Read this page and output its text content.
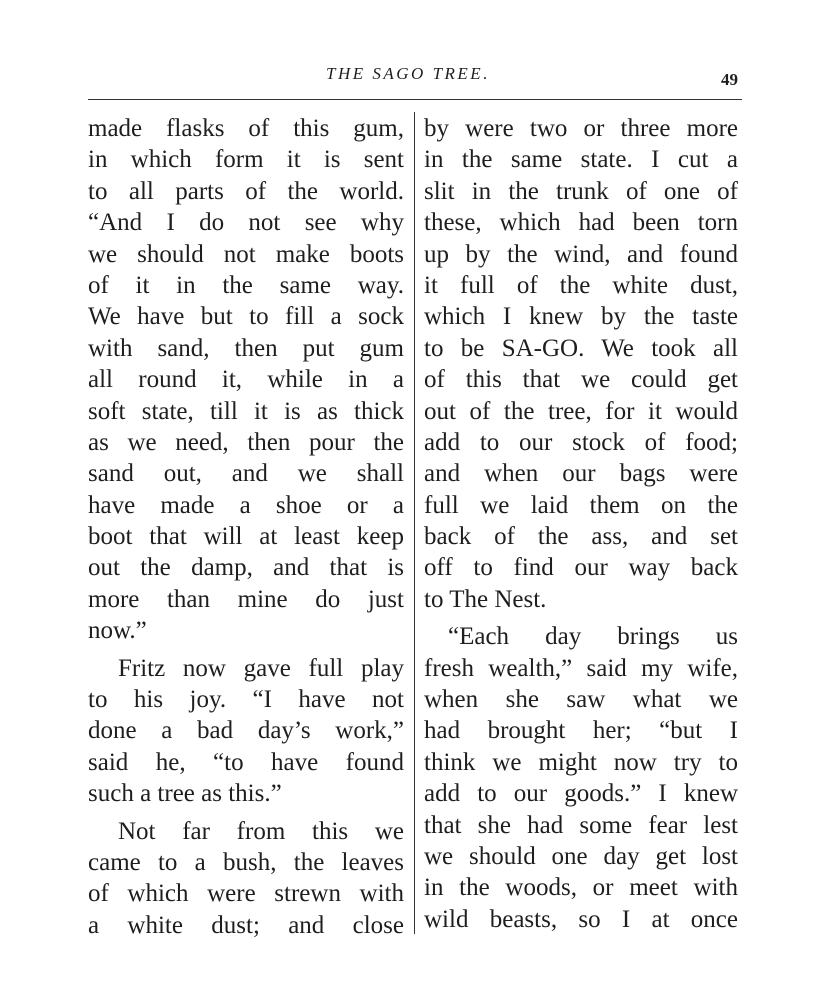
THE SAGO TREE.	49
made flasks of this gum,
in which form it is sent
to all parts of the world.
“And I do not see why
we should not make boots
of it in the same way.
We have but to fill a sock
with sand, then put gum
all round it, while in a
soft state, till it is as thick
as we need, then pour the
sand out, and we shall
have made a shoe or a
boot that will at least keep
out the damp, and that is
more than mine do just
now.”
Fritz now gave full play
to his joy. “I have not
done a bad day’s work,”
said he, “to have found
such a tree as this.”
Not far from this we
came to a bush, the leaves
of which were strewn with
a white dust; and close
by were two or three more
in the same state. I cut a
slit in the trunk of one of
these, which had been torn
up by the wind, and found
it full of the white dust,
which I knew by the taste
to be SA-GO. We took all
of this that we could get
out of the tree, for it would
add to our stock of food;
and when our bags were
full we laid them on the
back of the ass, and set
off to find our way back
to The Nest.
“Each day brings us
fresh wealth,” said my wife,
when she saw what we
had brought her; “but I
think we might now try to
add to our goods.” I knew
that she had some fear lest
we should one day get lost
in the woods, or meet with
wild beasts, so I at once
